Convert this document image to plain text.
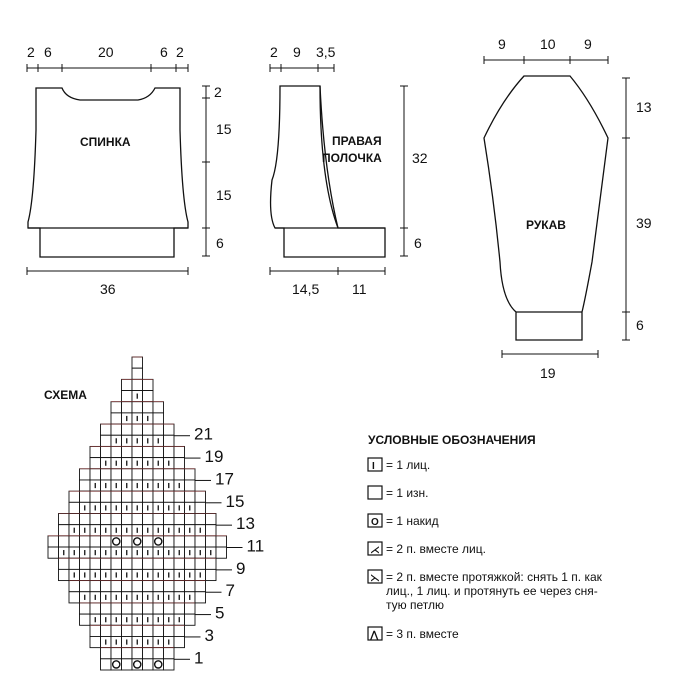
СПИНКА
2 6	20	6 2
2
15
15
6
36
ПРАВАЯ
ПОЛОЧКА
2 9 3,5
32
6
14,5 11
РУКАВ
9 10 9
13
39
6
19
СХЕМА
21
19
17
15
13
11
9
7
5
3
1
УСЛОВНЫЕ ОБОЗНАЧЕНИЯ
I = 1 лиц.
= 1 изн.
O = 1 накид
⋌ = 2 п. вместе лиц.
⋋ = 2 п. вместе протяжкой: снять 1 п. как
лиц., 1 лиц. и протянуть ее через сня-
тую петлю
⋀ = 3 п. вместе
